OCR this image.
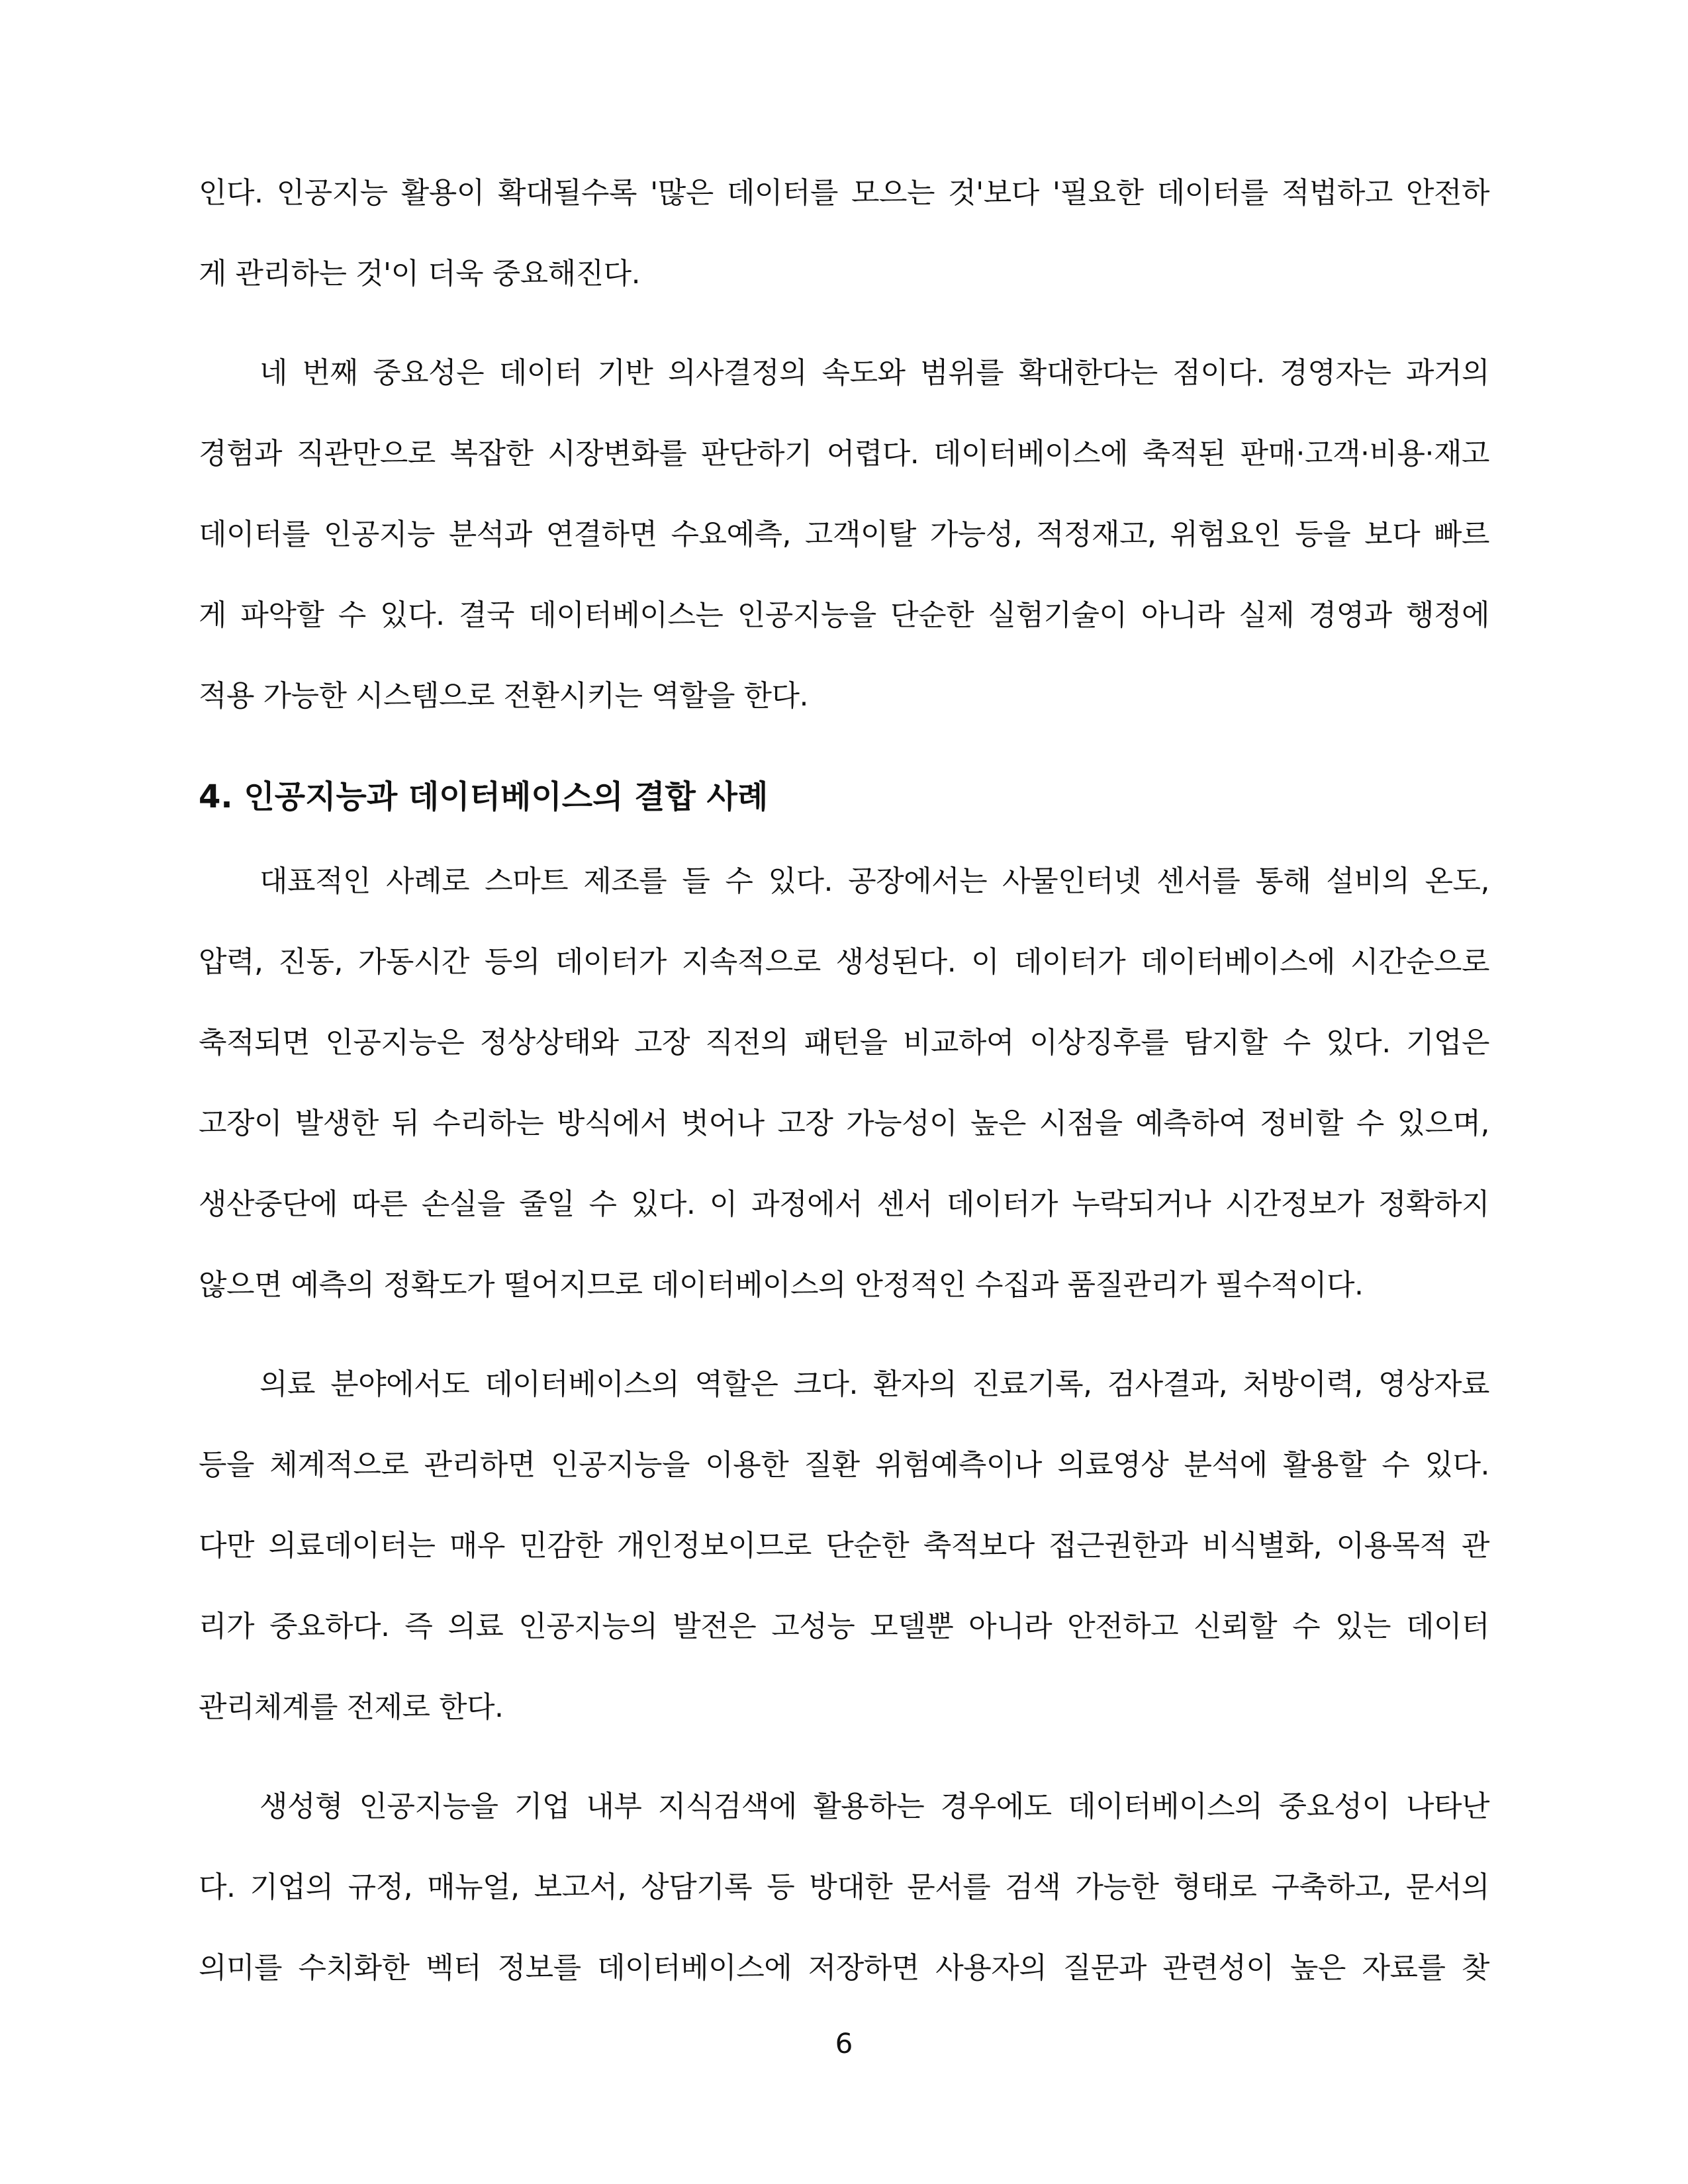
인다. 인공지능 활용이 확대될수록 '많은 데이터를 모으는 것'보다 '필요한 데이터를 적법하고 안전하
게 관리하는 것'이 더욱 중요해진다.
네 번째 중요성은 데이터 기반 의사결정의 속도와 범위를 확대한다는 점이다. 경영자는 과거의
경험과 직관만으로 복잡한 시장변화를 판단하기 어렵다. 데이터베이스에 축적된 판매·고객·비용·재고
데이터를 인공지능 분석과 연결하면 수요예측, 고객이탈 가능성, 적정재고, 위험요인 등을 보다 빠르
게 파악할 수 있다. 결국 데이터베이스는 인공지능을 단순한 실험기술이 아니라 실제 경영과 행정에
적용 가능한 시스템으로 전환시키는 역할을 한다.
4. 인공지능과 데이터베이스의 결합 사례
대표적인 사례로 스마트 제조를 들 수 있다. 공장에서는 사물인터넷 센서를 통해 설비의 온도,
압력, 진동, 가동시간 등의 데이터가 지속적으로 생성된다. 이 데이터가 데이터베이스에 시간순으로
축적되면 인공지능은 정상상태와 고장 직전의 패턴을 비교하여 이상징후를 탐지할 수 있다. 기업은
고장이 발생한 뒤 수리하는 방식에서 벗어나 고장 가능성이 높은 시점을 예측하여 정비할 수 있으며,
생산중단에 따른 손실을 줄일 수 있다. 이 과정에서 센서 데이터가 누락되거나 시간정보가 정확하지
않으면 예측의 정확도가 떨어지므로 데이터베이스의 안정적인 수집과 품질관리가 필수적이다.
의료 분야에서도 데이터베이스의 역할은 크다. 환자의 진료기록, 검사결과, 처방이력, 영상자료
등을 체계적으로 관리하면 인공지능을 이용한 질환 위험예측이나 의료영상 분석에 활용할 수 있다.
다만 의료데이터는 매우 민감한 개인정보이므로 단순한 축적보다 접근권한과 비식별화, 이용목적 관
리가 중요하다. 즉 의료 인공지능의 발전은 고성능 모델뿐 아니라 안전하고 신뢰할 수 있는 데이터
관리체계를 전제로 한다.
생성형 인공지능을 기업 내부 지식검색에 활용하는 경우에도 데이터베이스의 중요성이 나타난
다. 기업의 규정, 매뉴얼, 보고서, 상담기록 등 방대한 문서를 검색 가능한 형태로 구축하고, 문서의
의미를 수치화한 벡터 정보를 데이터베이스에 저장하면 사용자의 질문과 관련성이 높은 자료를 찾
6
